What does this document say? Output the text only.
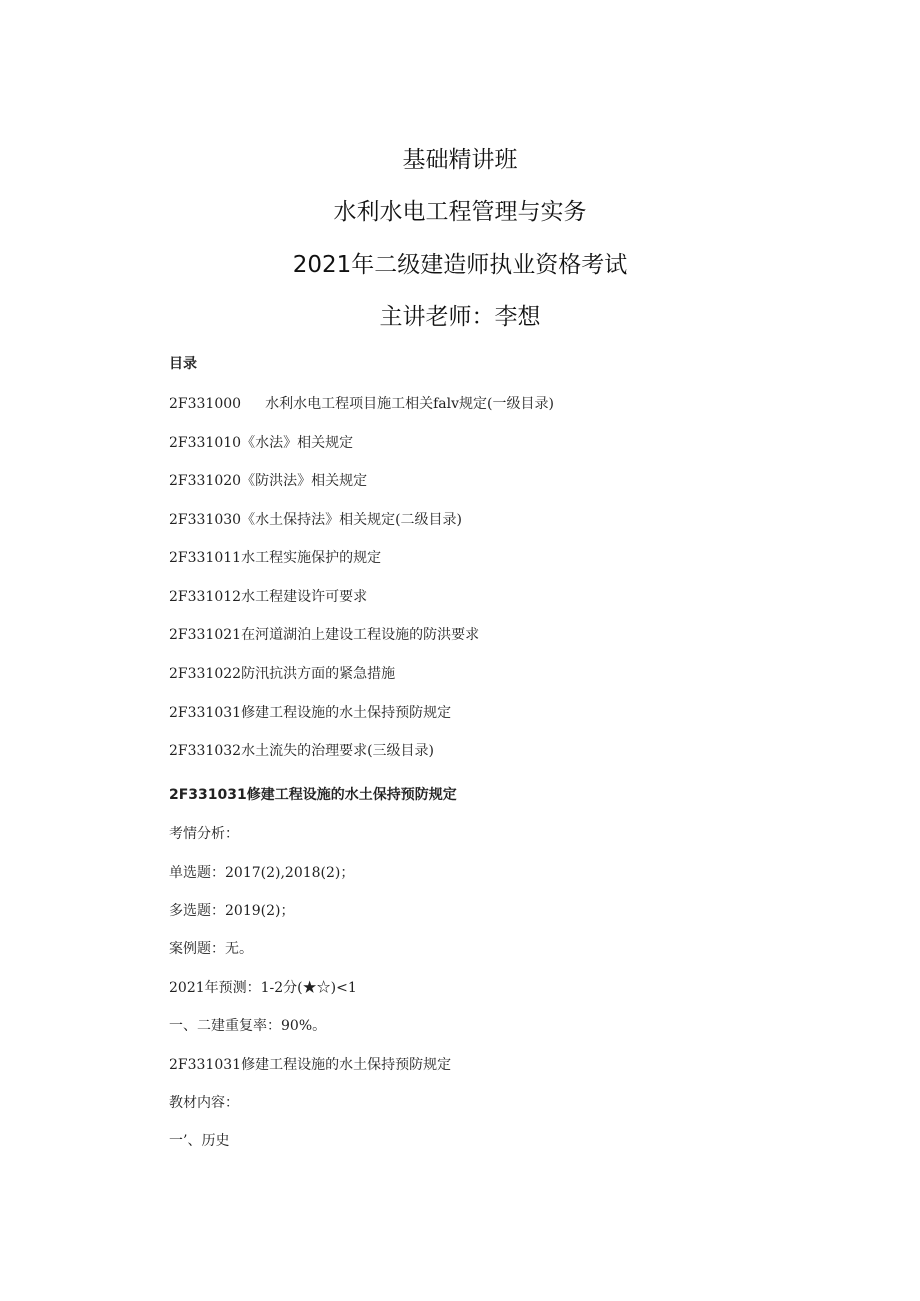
基础精讲班
水利水电工程管理与实务
2021年二级建造师执业资格考试
主讲老师：李想
目录
2F331000 水利水电工程项目施工相关falv规定(一级目录)
2F331010《水法》相关规定
2F331020《防洪法》相关规定
2F331030《水土保持法》相关规定(二级目录)
2F331011水工程实施保护的规定
2F331012水工程建设许可要求
2F331021在河道湖泊上建设工程设施的防洪要求
2F331022防汛抗洪方面的紧急措施
2F331031修建工程设施的水土保持预防规定
2F331032水土流失的治理要求(三级目录)
2F331031修建工程设施的水土保持预防规定
考情分析：
单选题：2017(2),2018(2)；
多选题：2019(2)；
案例题：无。
2021年预测：1-2分(★☆)<1
一、二建重复率：90%。
2F331031修建工程设施的水土保持预防规定
教材内容：
一’、历史
